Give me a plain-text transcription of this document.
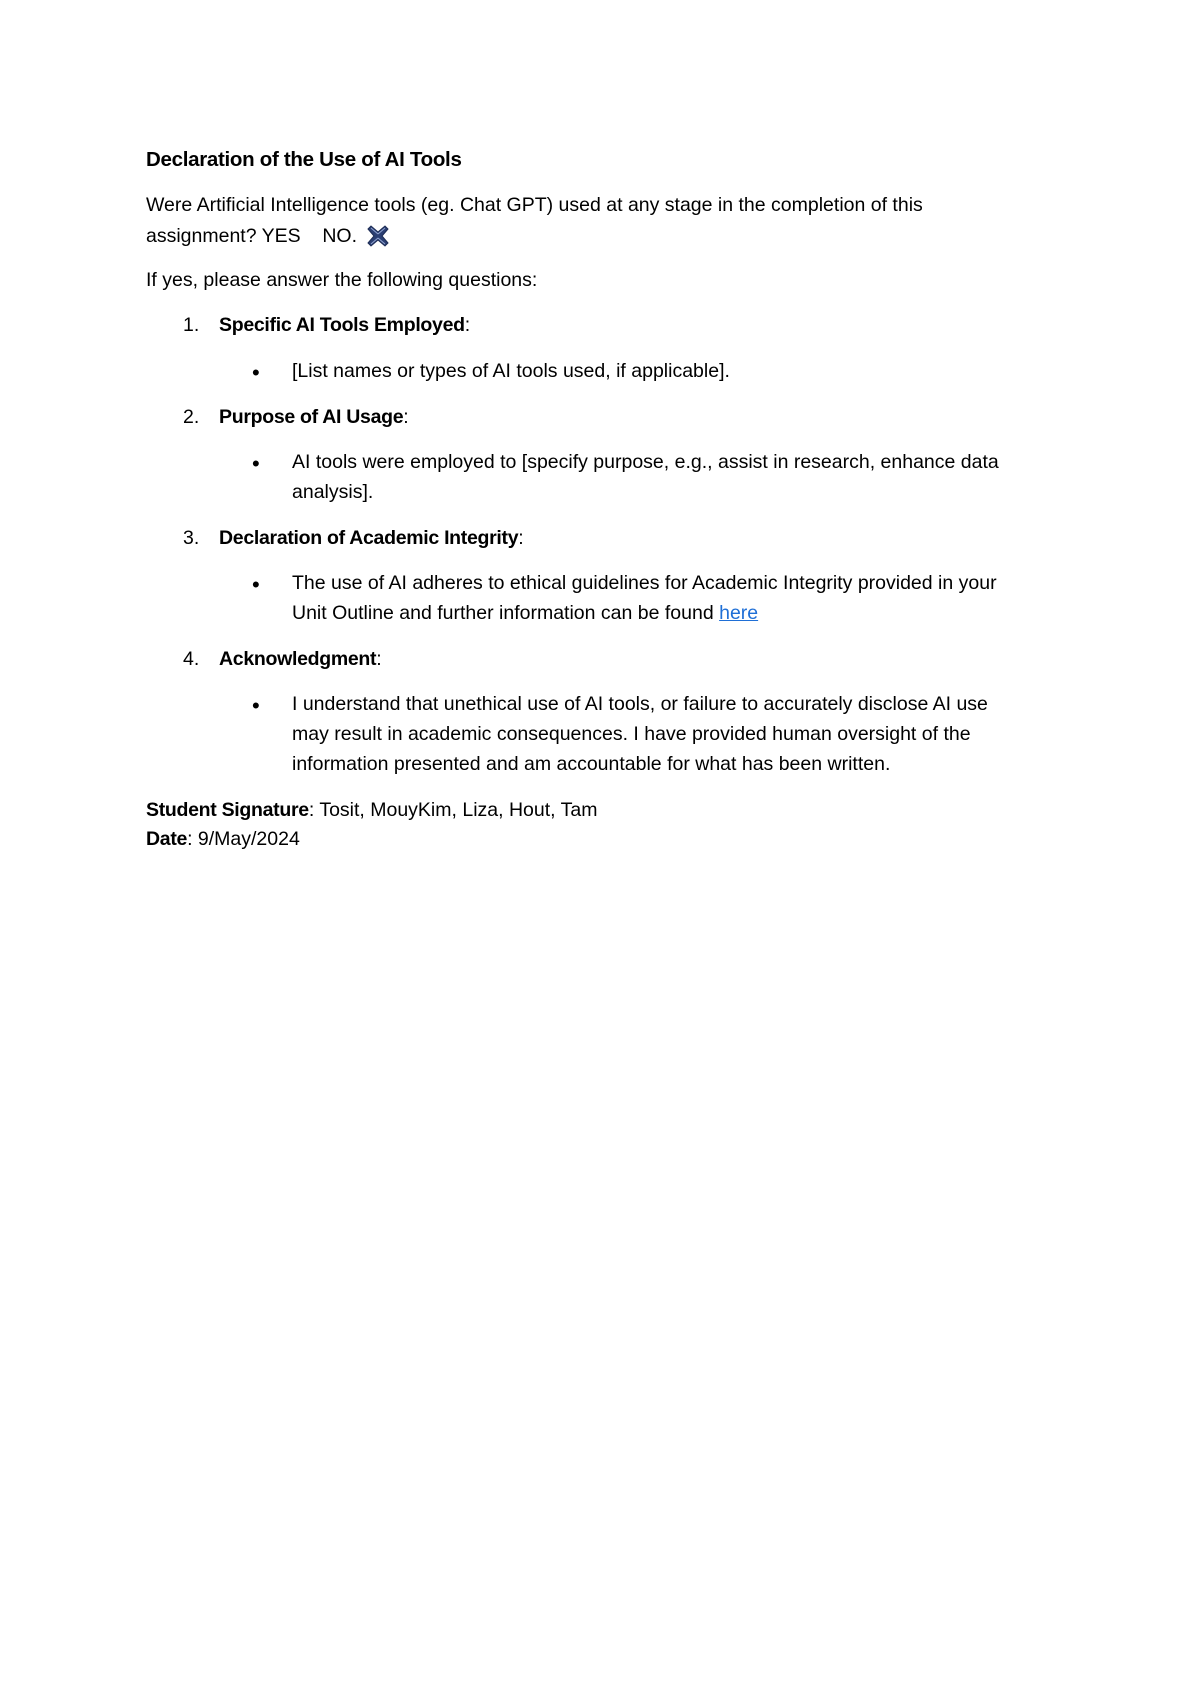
Declaration of the Use of AI Tools
Were Artificial Intelligence tools (eg. Chat GPT) used at any stage in the completion of this
assignment? YES    NO.
If yes, please answer the following questions:
1. Specific AI Tools Employed:
• [List names or types of AI tools used, if applicable].
2. Purpose of AI Usage:
• AI tools were employed to [specify purpose, e.g., assist in research, enhance data
analysis].
3. Declaration of Academic Integrity:
• The use of AI adheres to ethical guidelines for Academic Integrity provided in your
Unit Outline and further information can be found here
4. Acknowledgment:
• I understand that unethical use of AI tools, or failure to accurately disclose AI use
may result in academic consequences. I have provided human oversight of the
information presented and am accountable for what has been written.
Student Signature: Tosit, MouyKim, Liza, Hout, Tam
Date: 9/May/2024
